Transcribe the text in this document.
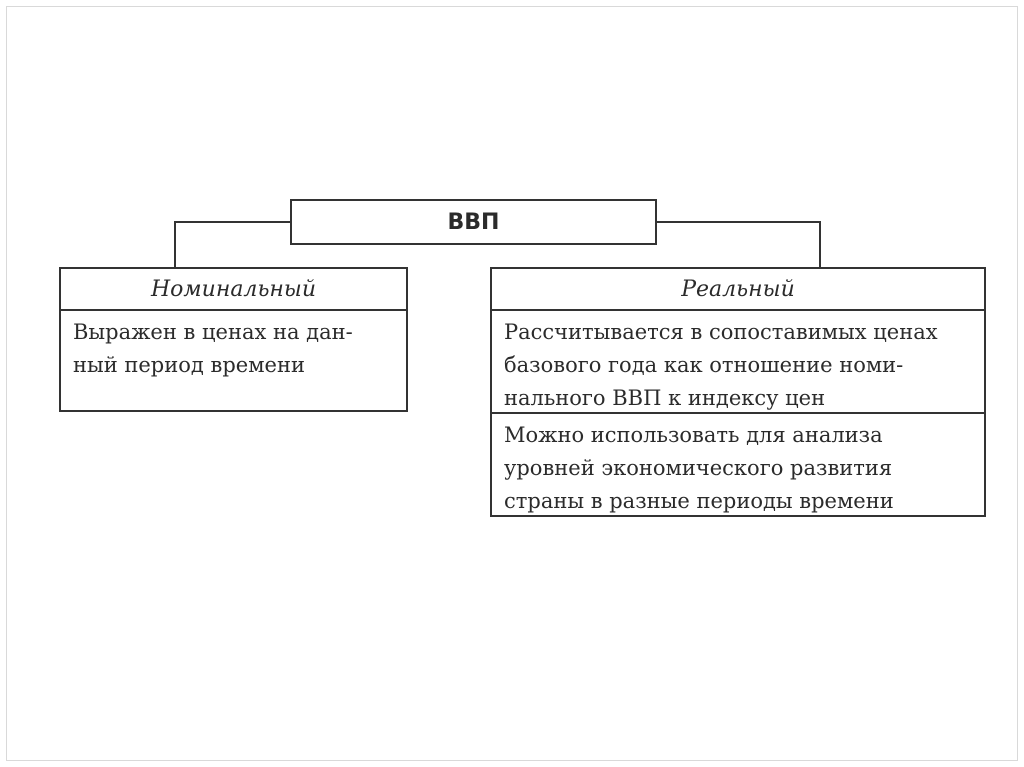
ВВП
Номинальный
Выражен в ценах на дан-
ный период времени
Реальный
Рассчитывается в сопоставимых ценах
базового года как отношение номи-
нального ВВП к индексу цен
Можно использовать для анализа
уровней экономического развития
страны в разные периоды времени
